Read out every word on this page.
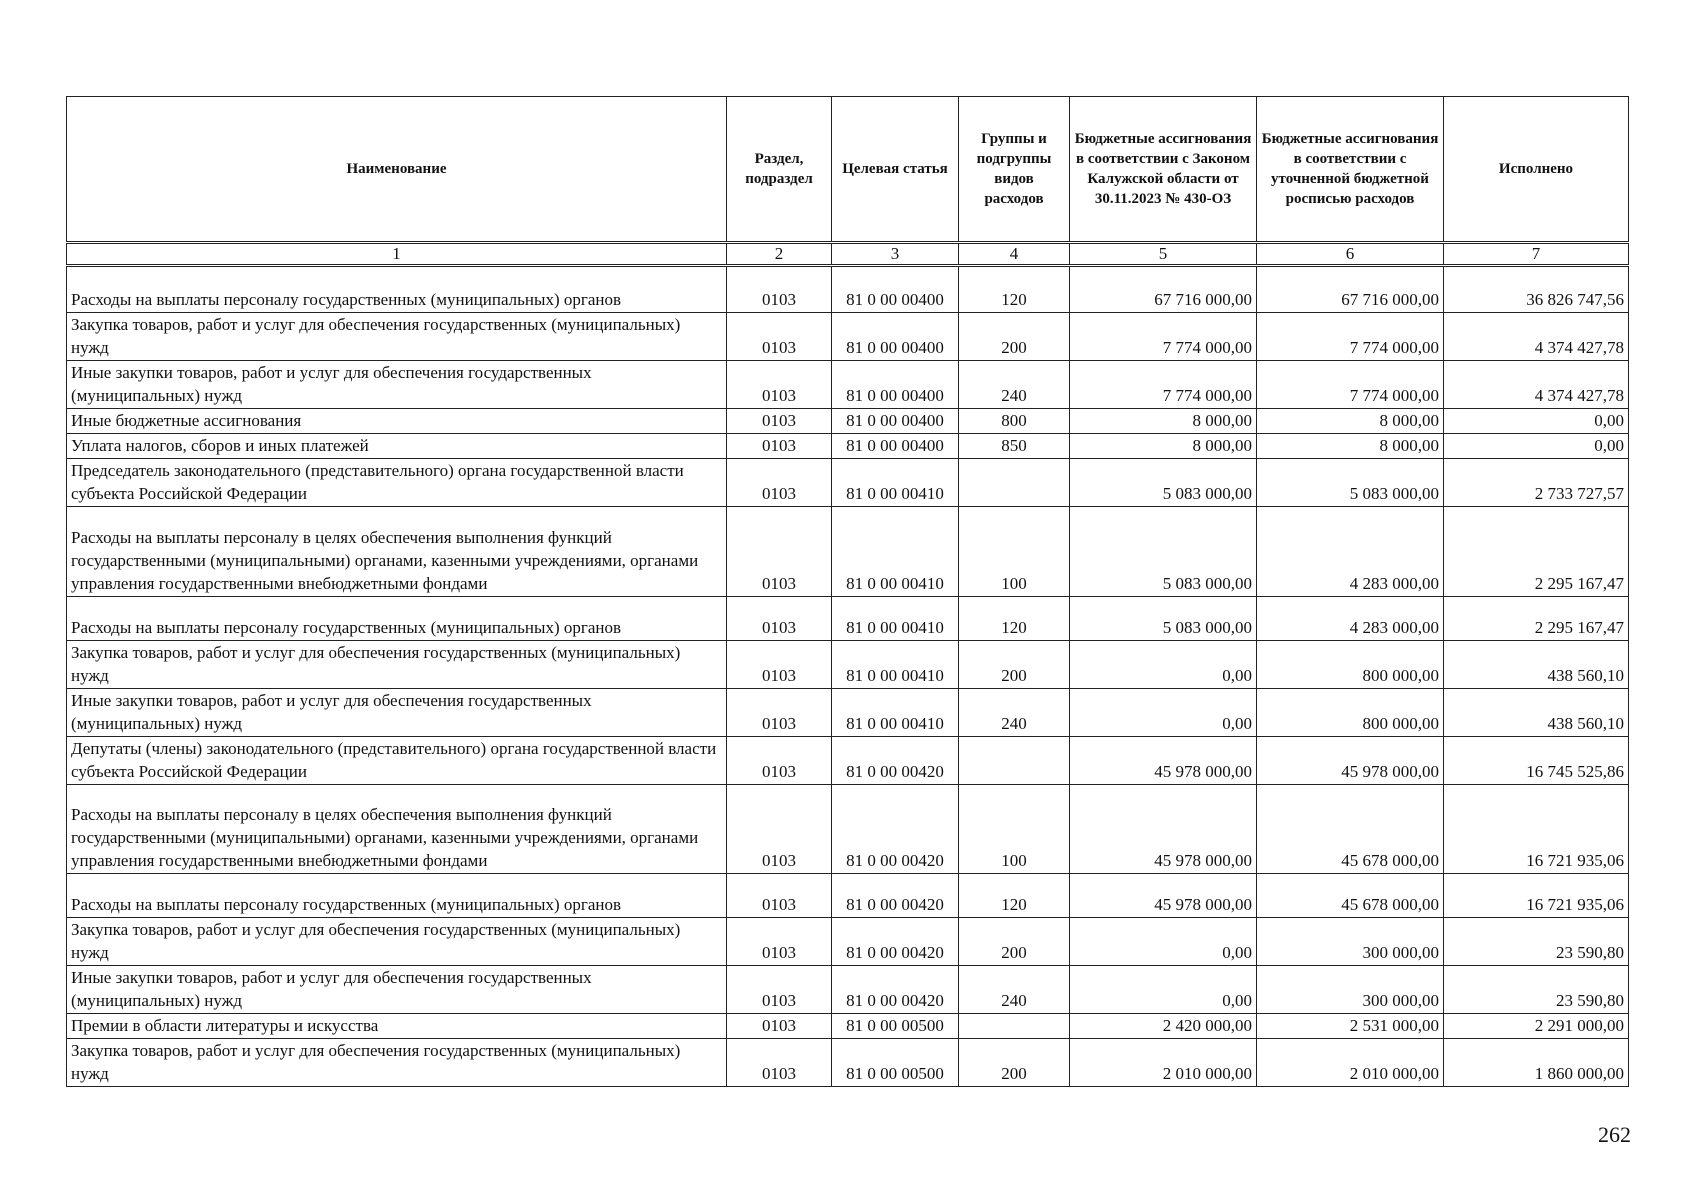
Наименование	Раздел, подраздел	Целевая статья	Группы и подгруппы видов расходов	Бюджетные ассигнования в соответствии с Законом Калужской области от 30.11.2023 № 430-ОЗ	Бюджетные ассигнования в соответствии с уточненной бюджетной росписью расходов	Исполнено
1	2	3	4	5	6	7
Расходы на выплаты персоналу государственных (муниципальных) органов	0103	81 0 00 00400	120	67 716 000,00	67 716 000,00	36 826 747,56
Закупка товаров, работ и услуг для обеспечения государственных (муниципальных) нужд	0103	81 0 00 00400	200	7 774 000,00	7 774 000,00	4 374 427,78
Иные закупки товаров, работ и услуг для обеспечения государственных (муниципальных) нужд	0103	81 0 00 00400	240	7 774 000,00	7 774 000,00	4 374 427,78
Иные бюджетные ассигнования	0103	81 0 00 00400	800	8 000,00	8 000,00	0,00
Уплата налогов, сборов и иных платежей	0103	81 0 00 00400	850	8 000,00	8 000,00	0,00
Председатель законодательного (представительного) органа государственной власти субъекта Российской Федерации	0103	81 0 00 00410		5 083 000,00	5 083 000,00	2 733 727,57
Расходы на выплаты персоналу в целях обеспечения выполнения функций государственными (муниципальными) органами, казенными учреждениями, органами управления государственными внебюджетными фондами	0103	81 0 00 00410	100	5 083 000,00	4 283 000,00	2 295 167,47
Расходы на выплаты персоналу государственных (муниципальных) органов	0103	81 0 00 00410	120	5 083 000,00	4 283 000,00	2 295 167,47
Закупка товаров, работ и услуг для обеспечения государственных (муниципальных) нужд	0103	81 0 00 00410	200	0,00	800 000,00	438 560,10
Иные закупки товаров, работ и услуг для обеспечения государственных (муниципальных) нужд	0103	81 0 00 00410	240	0,00	800 000,00	438 560,10
Депутаты (члены) законодательного (представительного) органа государственной власти субъекта Российской Федерации	0103	81 0 00 00420		45 978 000,00	45 978 000,00	16 745 525,86
Расходы на выплаты персоналу в целях обеспечения выполнения функций государственными (муниципальными) органами, казенными учреждениями, органами управления государственными внебюджетными фондами	0103	81 0 00 00420	100	45 978 000,00	45 678 000,00	16 721 935,06
Расходы на выплаты персоналу государственных (муниципальных) органов	0103	81 0 00 00420	120	45 978 000,00	45 678 000,00	16 721 935,06
Закупка товаров, работ и услуг для обеспечения государственных (муниципальных) нужд	0103	81 0 00 00420	200	0,00	300 000,00	23 590,80
Иные закупки товаров, работ и услуг для обеспечения государственных (муниципальных) нужд	0103	81 0 00 00420	240	0,00	300 000,00	23 590,80
Премии в области литературы и искусства	0103	81 0 00 00500		2 420 000,00	2 531 000,00	2 291 000,00
Закупка товаров, работ и услуг для обеспечения государственных (муниципальных) нужд	0103	81 0 00 00500	200	2 010 000,00	2 010 000,00	1 860 000,00
262
